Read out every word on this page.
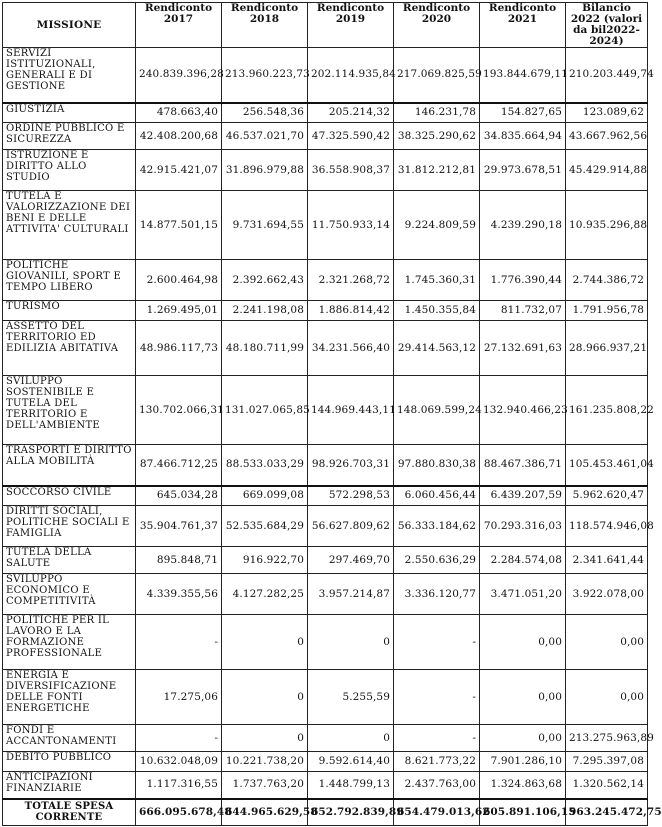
MISSIONE	Rendiconto 2017	Rendiconto 2018	Rendiconto 2019	Rendiconto 2020	Rendiconto 2021	Bilancio 2022 (valori da bil2022-2024)
SERVIZI ISTITUZIONALI, GENERALI E DI GESTIONE	240.839.396,28	213.960.223,73	202.114.935,84	217.069.825,59	193.844.679,11	210.203.449,74
GIUSTIZIA	478.663,40	256.548,36	205.214,32	146.231,78	154.827,65	123.089,62
ORDINE PUBBLICO E SICUREZZA	42.408.200,68	46.537.021,70	47.325.590,42	38.325.290,62	34.835.664,94	43.667.962,56
ISTRUZIONE E DIRITTO ALLO STUDIO	42.915.421,07	31.896.979,88	36.558.908,37	31.812.212,81	29.973.678,51	45.429.914,88
TUTELA E VALORIZZAZIONE DEI BENI E DELLE ATTIVITA' CULTURALI	14.877.501,15	9.731.694,55	11.750.933,14	9.224.809,59	4.239.290,18	10.935.296,88
POLITICHE GIOVANILI, SPORT E TEMPO LIBERO	2.600.464,98	2.392.662,43	2.321.268,72	1.745.360,31	1.776.390,44	2.744.386,72
TURISMO	1.269.495,01	2.241.198,08	1.886.814,42	1.450.355,84	811.732,07	1.791.956,78
ASSETTO DEL TERRITORIO ED EDILIZIA ABITATIVA	48.986.117,73	48.180.711,99	34.231.566,40	29.414.563,12	27.132.691,63	28.966.937,21
SVILUPPO SOSTENIBILE E TUTELA DEL TERRITORIO E DELL'AMBIENTE	130.702.066,31	131.027.065,85	144.969.443,11	148.069.599,24	132.940.466,23	161.235.808,22
TRASPORTI E DIRITTO ALLA MOBILITÀ	87.466.712,25	88.533.033,29	98.926.703,31	97.880.830,38	88.467.386,71	105.453.461,04
SOCCORSO CIVILE	645.034,28	669.099,08	572.298,53	6.060.456,44	6.439.207,59	5.962.620,47
DIRITTI SOCIALI, POLITICHE SOCIALI E FAMIGLIA	35.904.761,37	52.535.684,29	56.627.809,62	56.333.184,62	70.293.316,03	118.574.946,08
TUTELA DELLA SALUTE	895.848,71	916.922,70	297.469,70	2.550.636,29	2.284.574,08	2.341.641,44
SVILUPPO ECONOMICO E COMPETITIVITÀ	4.339.355,56	4.127.282,25	3.957.214,87	3.336.120,77	3.471.051,20	3.922.078,00
POLITICHE PER IL LAVORO E LA FORMAZIONE PROFESSIONALE	-	0	0	-	0,00	0,00
ENERGIA E DIVERSIFICAZIONE DELLE FONTI ENERGETICHE	17.275,06	0	5.255,59	-	0,00	0,00
FONDI E ACCANTONAMENTI	-	0	0	-	0,00	213.275.963,89
DEBITO PUBBLICO	10.632.048,09	10.221.738,20	9.592.614,40	8.621.773,22	7.901.286,10	7.295.397,08
ANTICIPAZIONI FINANZIARIE	1.117.316,55	1.737.763,20	1.448.799,13	2.437.763,00	1.324.863,68	1.320.562,14
TOTALE SPESA CORRENTE	666.095.678,48	644.965.629,58	652.792.839,89	654.479.013,62	605.891.106,15	963.245.472,75
